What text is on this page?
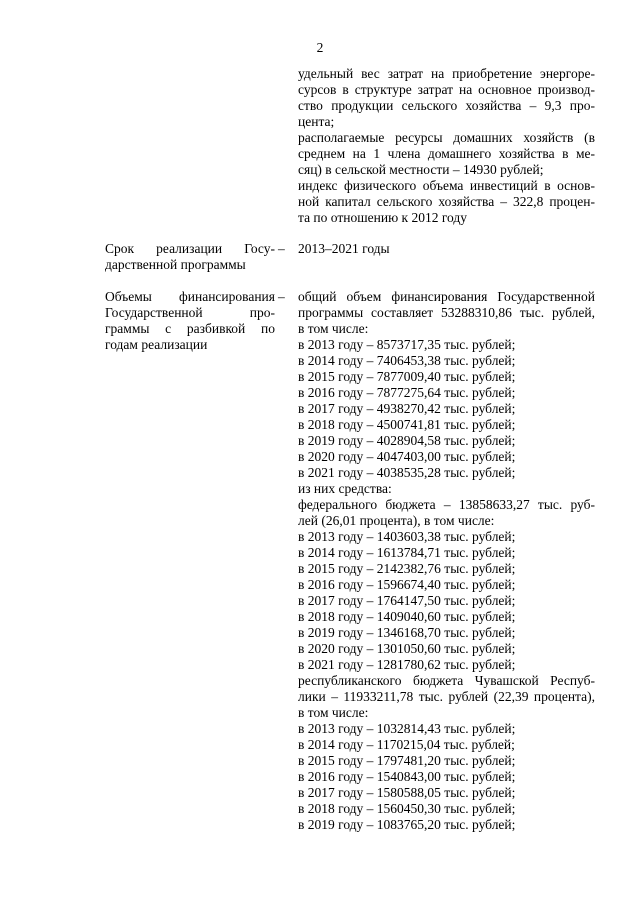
2
удельный вес затрат на приобретение энергоре-
сурсов в структуре затрат на основное производ-
ство продукции сельского хозяйства – 9,3 про-
цента;
располагаемые ресурсы домашних хозяйств (в
среднем на 1 члена домашнего хозяйства в ме-
сяц) в сельской местности – 14930 рублей;
индекс физического объема инвестиций в основ-
ной капитал сельского хозяйства – 322,8 процен-
та по отношению к 2012 году
Срок реализации Госу-
дарственной программы
– 2013–2021 годы
Объемы финансирования
Государственной про-
граммы с разбивкой по
годам реализации
– общий объем финансирования Государственной
программы составляет 53288310,86 тыс. рублей,
в том числе:
в 2013 году – 8573717,35 тыс. рублей;
в 2014 году – 7406453,38 тыс. рублей;
в 2015 году – 7877009,40 тыс. рублей;
в 2016 году – 7877275,64 тыс. рублей;
в 2017 году – 4938270,42 тыс. рублей;
в 2018 году – 4500741,81 тыс. рублей;
в 2019 году – 4028904,58 тыс. рублей;
в 2020 году – 4047403,00 тыс. рублей;
в 2021 году – 4038535,28 тыс. рублей;
из них средства:
федерального бюджета – 13858633,27 тыс. руб-
лей (26,01 процента), в том числе:
в 2013 году – 1403603,38 тыс. рублей;
в 2014 году – 1613784,71 тыс. рублей;
в 2015 году – 2142382,76 тыс. рублей;
в 2016 году – 1596674,40 тыс. рублей;
в 2017 году – 1764147,50 тыс. рублей;
в 2018 году – 1409040,60 тыс. рублей;
в 2019 году – 1346168,70 тыс. рублей;
в 2020 году – 1301050,60 тыс. рублей;
в 2021 году – 1281780,62 тыс. рублей;
республиканского бюджета Чувашской Респуб-
лики – 11933211,78 тыс. рублей (22,39 процента),
в том числе:
в 2013 году – 1032814,43 тыс. рублей;
в 2014 году – 1170215,04 тыс. рублей;
в 2015 году – 1797481,20 тыс. рублей;
в 2016 году – 1540843,00 тыс. рублей;
в 2017 году – 1580588,05 тыс. рублей;
в 2018 году – 1560450,30 тыс. рублей;
в 2019 году – 1083765,20 тыс. рублей;
